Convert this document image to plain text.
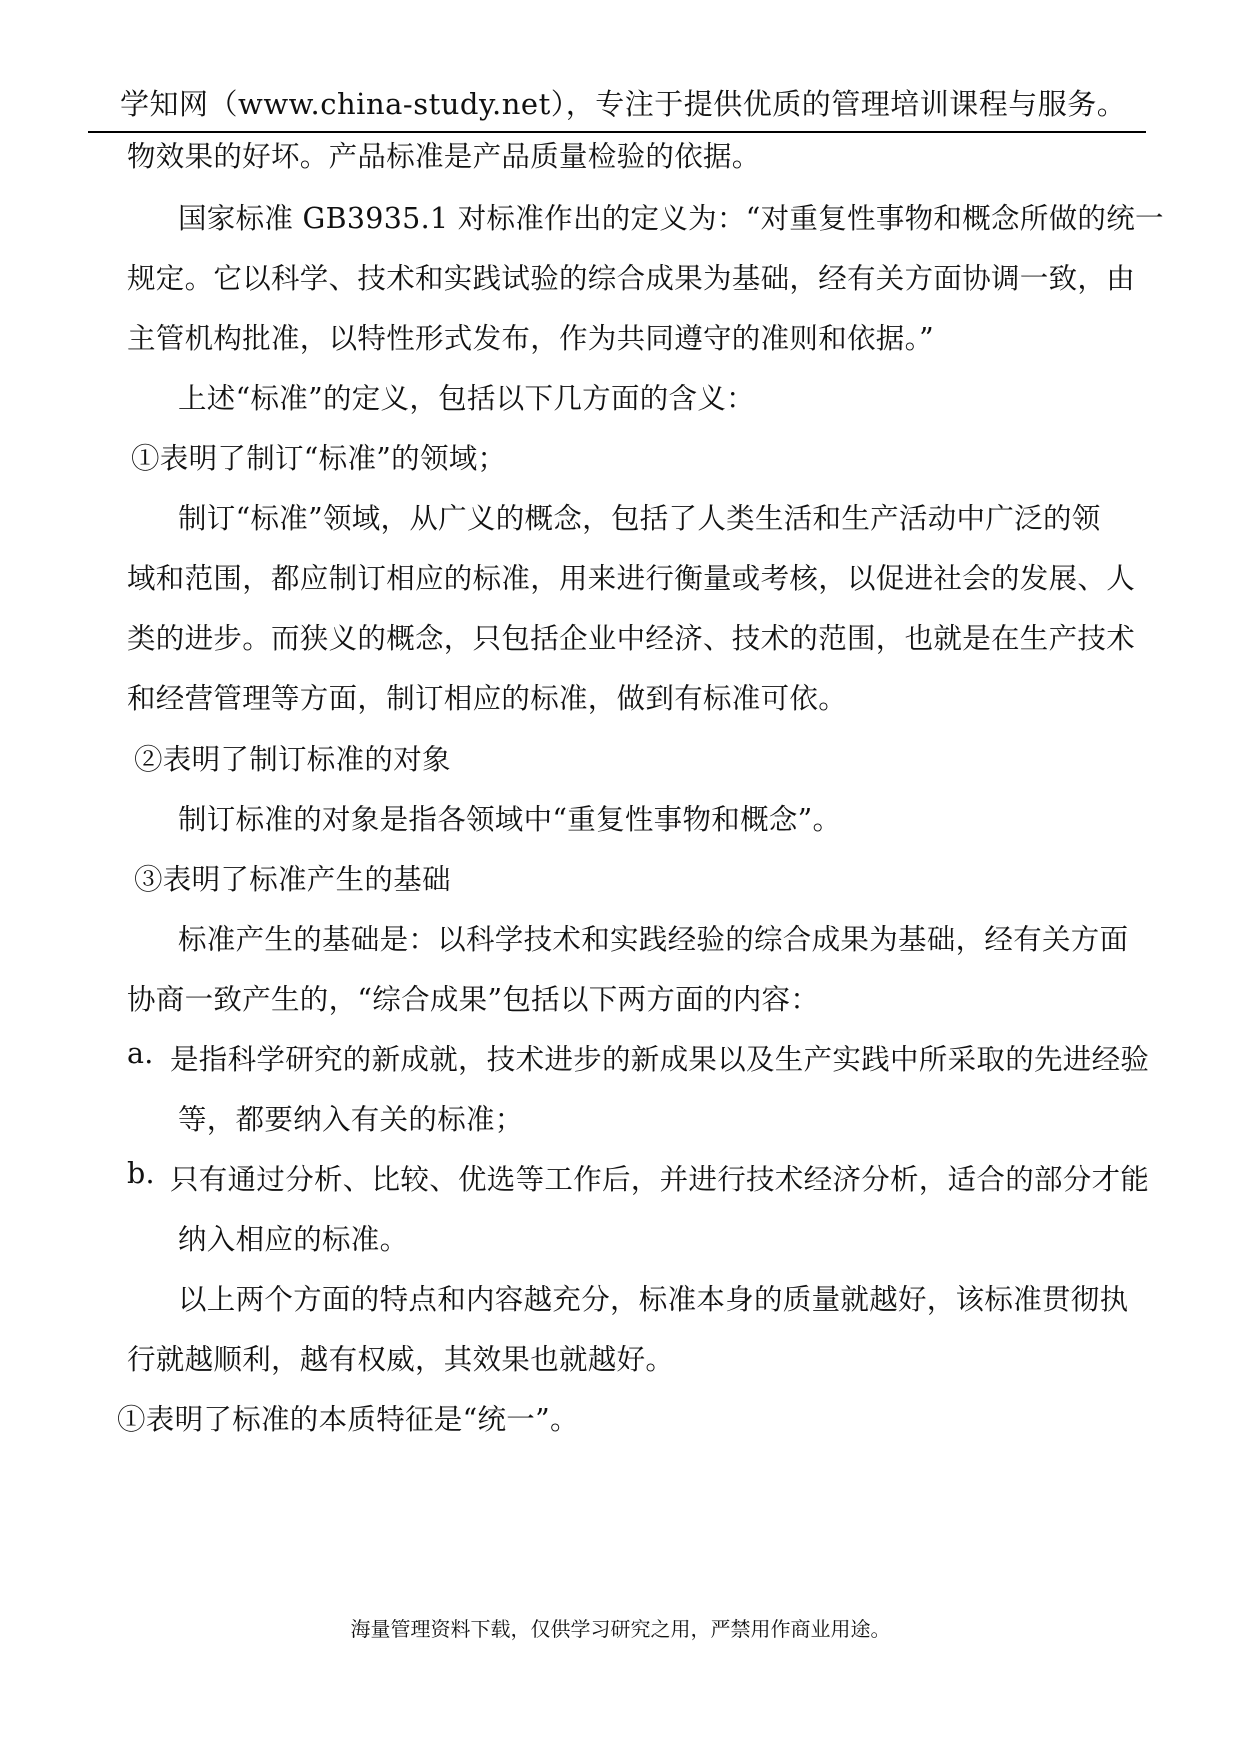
学知网（www.china-study.net），专注于提供优质的管理培训课程与服务。
物效果的好坏。产品标准是产品质量检验的依据。
国家标准 GB3935.1 对标准作出的定义为：“对重复性事物和概念所做的统一
规定。它以科学、技术和实践试验的综合成果为基础，经有关方面协调一致，由
主管机构批准，以特性形式发布，作为共同遵守的准则和依据。”
上述“标准”的定义，包括以下几方面的含义：
①表明了制订“标准”的领域；
制订“标准”领域，从广义的概念，包括了人类生活和生产活动中广泛的领
域和范围，都应制订相应的标准，用来进行衡量或考核，以促进社会的发展、人
类的进步。而狭义的概念，只包括企业中经济、技术的范围，也就是在生产技术
和经营管理等方面，制订相应的标准，做到有标准可依。
②表明了制订标准的对象
制订标准的对象是指各领域中“重复性事物和概念”。
③表明了标准产生的基础
标准产生的基础是：以科学技术和实践经验的综合成果为基础，经有关方面
协商一致产生的，“综合成果”包括以下两方面的内容：
a. 是指科学研究的新成就，技术进步的新成果以及生产实践中所采取的先进经验
等，都要纳入有关的标准；
b. 只有通过分析、比较、优选等工作后，并进行技术经济分析，适合的部分才能
纳入相应的标准。
以上两个方面的特点和内容越充分，标准本身的质量就越好，该标准贯彻执
行就越顺利，越有权威，其效果也就越好。
①表明了标准的本质特征是“统一”。
海量管理资料下载，仅供学习研究之用，严禁用作商业用途。
